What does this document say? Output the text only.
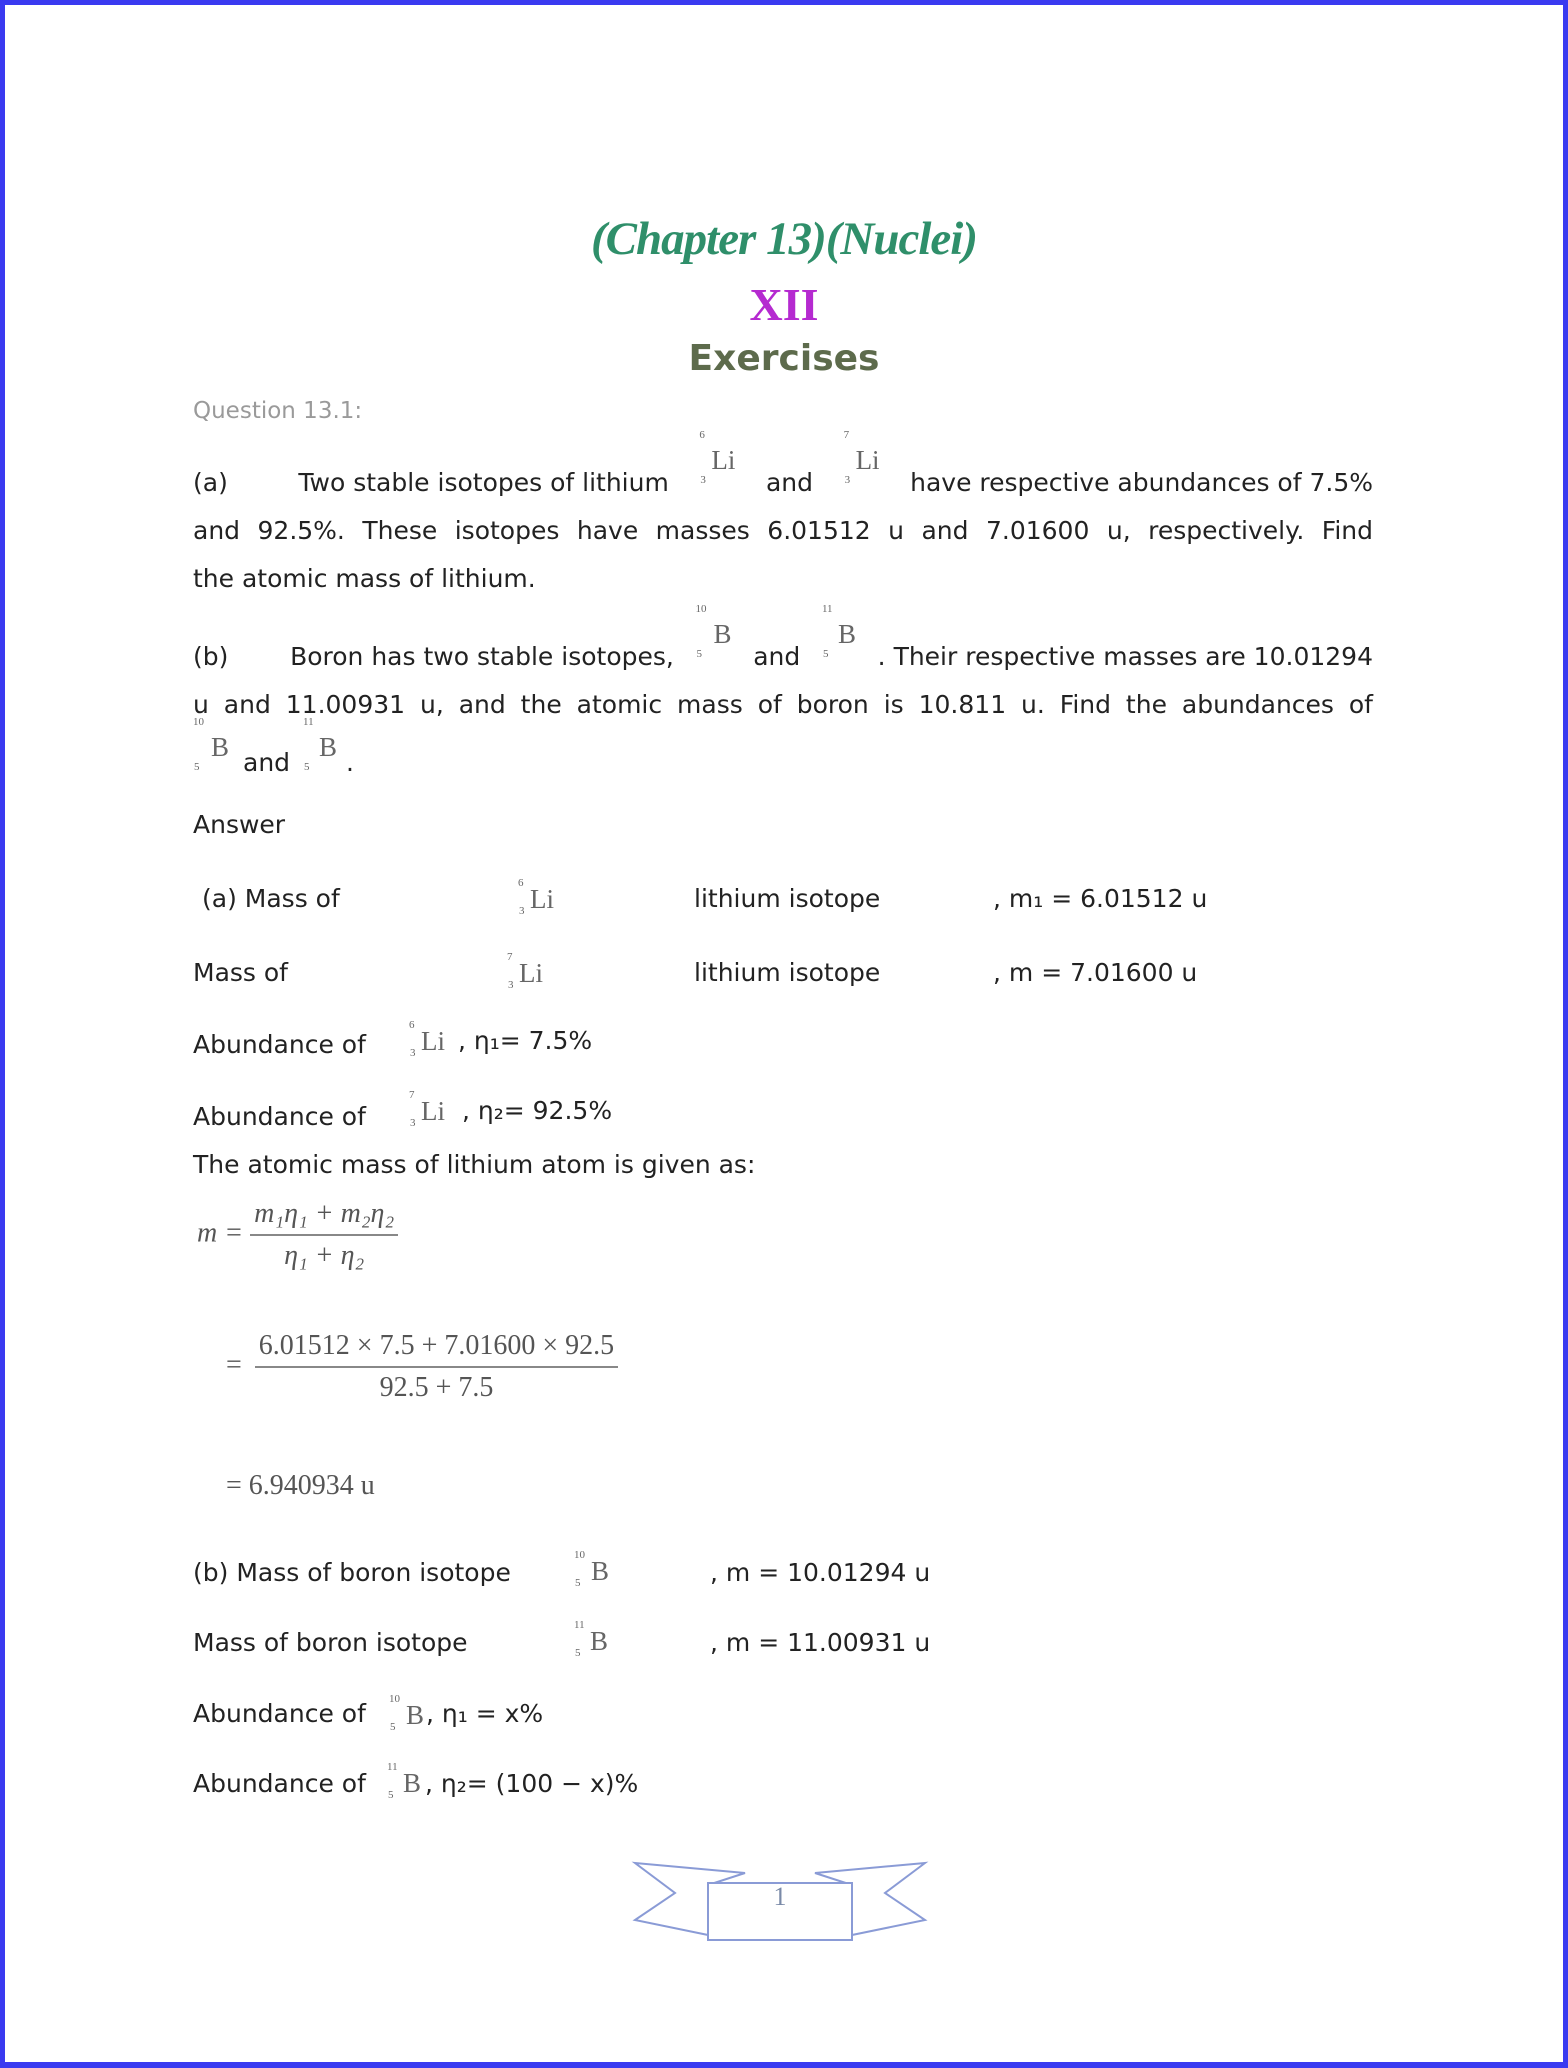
(Chapter 13)(Nuclei)
XII
Exercises
Question 13.1:
(a)	Two stable isotopes of lithium
6
3
Li
and
7
3
Li
have respective abundances of 7.5%
and 92.5%. These isotopes have masses 6.01512 u and 7.01600 u, respectively. Find
the atomic mass of lithium.
(b) Boron has two stable isotopes,
10
5
B
and
11
5
B
. Their respective masses are 10.01294
u and 11.00931 u, and the atomic mass of boron is 10.811 u. Find the abundances of
10
5
B
and
11
5
B
.
Answer
(a) Mass of
6
3 Li	lithium isotope	, m₁ = 6.01512 u
Mass of
7
3 Li	lithium isotope	, m = 7.01600 u
Abundance of
6
3 Li , η₁= 7.5%
Abundance of
7
3 Li , η₂= 92.5%
The atomic mass of lithium atom is given as:
$m = \frac{\text{m₁η₁ + m₂η₂}}{\text{η₁ + η₂}}$
= $\frac{6.01512 \times 7.5 + 7.01600 \times 92.5}{92.5 + 7.5}$
= 6.940934 u
(b) Mass of boron isotope
10
5 B	, m = 10.01294 u
Mass of boron isotope
11
5 B	, m = 11.00931 u
Abundance of 10
5 B , η₁ = x%
Abundance of
11
5 B , η₂= (100 − x)%
1
